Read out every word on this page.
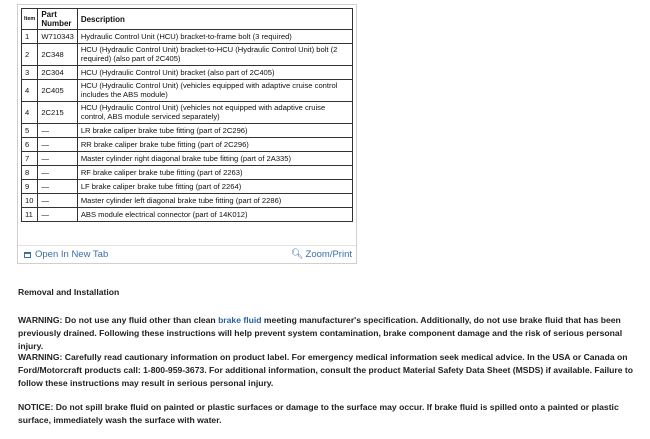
Item	Part Number	Description
1	W710343	Hydraulic Control Unit (HCU) bracket-to-frame bolt (3 required)
2	2C348	HCU (Hydraulic Control Unit) bracket-to-HCU (Hydraulic Control Unit) bolt (2 required) (also part of 2C405)
3	2C304	HCU (Hydraulic Control Unit) bracket (also part of 2C405)
4	2C405	HCU (Hydraulic Control Unit) (vehicles equipped with adaptive cruise control includes the ABS module)
4	2C215	HCU (Hydraulic Control Unit) (vehicles not equipped with adaptive cruise control, ABS module serviced separately)
5	—	LR brake caliper brake tube fitting (part of 2C296)
6	—	RR brake caliper brake tube fitting (part of 2C296)
7	—	Master cylinder right diagonal brake tube fitting (part of 2A335)
8	—	RF brake caliper brake tube fitting (part of 2263)
9	—	LF brake caliper brake tube fitting (part of 2264)
10	—	Master cylinder left diagonal brake tube fitting (part of 2286)
11	—	ABS module electrical connector (part of 14K012)
Open In New Tab	🔍︎ Zoom/Print

Removal and Installation

WARNING: Do not use any fluid other than clean brake fluid meeting manufacturer's specification. Additionally, do not use brake fluid that has been previously drained. Following these instructions will help prevent system contamination, brake component damage and the risk of serious personal injury.

WARNING: Carefully read cautionary information on product label. For emergency medical information seek medical advice. In the USA or Canada on Ford/Motorcraft products call: 1-800-959-3673. For additional information, consult the product Material Safety Data Sheet (MSDS) if available. Failure to follow these instructions may result in serious personal injury.

NOTICE: Do not spill brake fluid on painted or plastic surfaces or damage to the surface may occur. If brake fluid is spilled onto a painted or plastic surface, immediately wash the surface with water.
